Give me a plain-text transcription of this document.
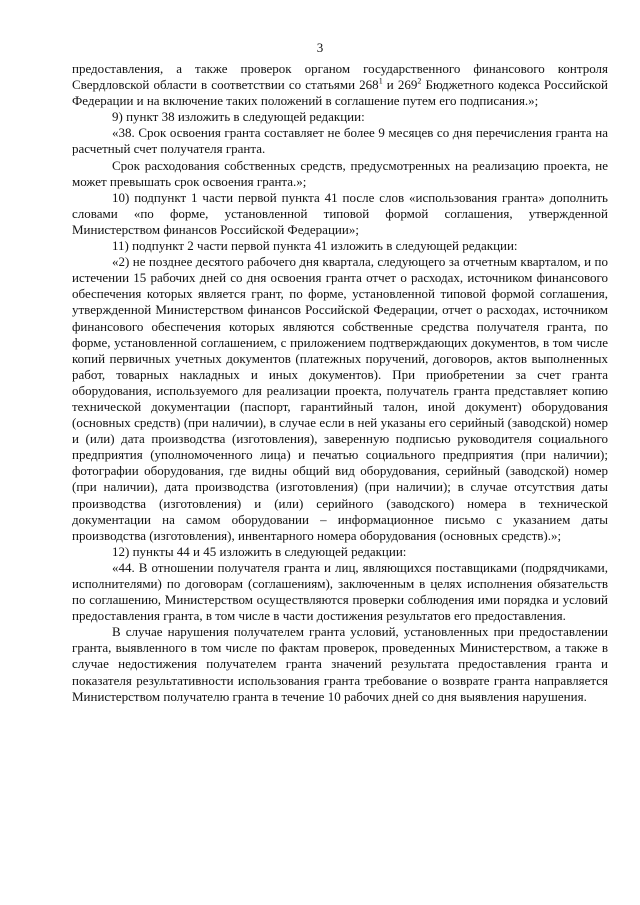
3

предоставления, а также проверок органом государственного финансового контроля Свердловской области в соответствии со статьями $268^1$ и $269^2$ Бюджетного кодекса Российской Федерации и на включение таких положений в соглашение путем его подписания.»;

9) пункт 38 изложить в следующей редакции:

«38. Срок освоения гранта составляет не более 9 месяцев со дня перечисления гранта на расчетный счет получателя гранта.

Срок расходования собственных средств, предусмотренных на реализацию проекта, не может превышать срок освоения гранта.»;

10) подпункт 1 части первой пункта 41 после слов «использования гранта» дополнить словами «по форме, установленной типовой формой соглашения, утвержденной Министерством финансов Российской Федерации»;

11) подпункт 2 части первой пункта 41 изложить в следующей редакции:

«2) не позднее десятого рабочего дня квартала, следующего за отчетным кварталом, и по истечении 15 рабочих дней со дня освоения гранта отчет о расходах, источником финансового обеспечения которых является грант, по форме, установленной типовой формой соглашения, утвержденной Министерством финансов Российской Федерации, отчет о расходах, источником финансового обеспечения которых являются собственные средства получателя гранта, по форме, установленной соглашением, с приложением подтверждающих документов, в том числе копий первичных учетных документов (платежных поручений, договоров, актов выполненных работ, товарных накладных и иных документов). При приобретении за счет гранта оборудования, используемого для реализации проекта, получатель гранта представляет копию технической документации (паспорт, гарантийный талон, иной документ) оборудования (основных средств) (при наличии), в случае если в ней указаны его серийный (заводской) номер и (или) дата производства (изготовления), заверенную подписью руководителя социального предприятия (уполномоченного лица) и печатью социального предприятия (при наличии); фотографии оборудования, где видны общий вид оборудования, серийный (заводской) номер (при наличии), дата производства (изготовления) (при наличии); в случае отсутствия даты производства (изготовления) и (или) серийного (заводского) номера в технической документации на самом оборудовании – информационное письмо с указанием даты производства (изготовления), инвентарного номера оборудования (основных средств).»;

12) пункты 44 и 45 изложить в следующей редакции:

«44. В отношении получателя гранта и лиц, являющихся поставщиками (подрядчиками, исполнителями) по договорам (соглашениям), заключенным в целях исполнения обязательств по соглашению, Министерством осуществляются проверки соблюдения ими порядка и условий предоставления гранта, в том числе в части достижения результатов его предоставления.

В случае нарушения получателем гранта условий, установленных при предоставлении гранта, выявленного в том числе по фактам проверок, проведенных Министерством, а также в случае недостижения получателем гранта значений результата предоставления гранта и показателя результативности использования гранта требование о возврате гранта направляется Министерством получателю гранта в течение 10 рабочих дней со дня выявления нарушения.
